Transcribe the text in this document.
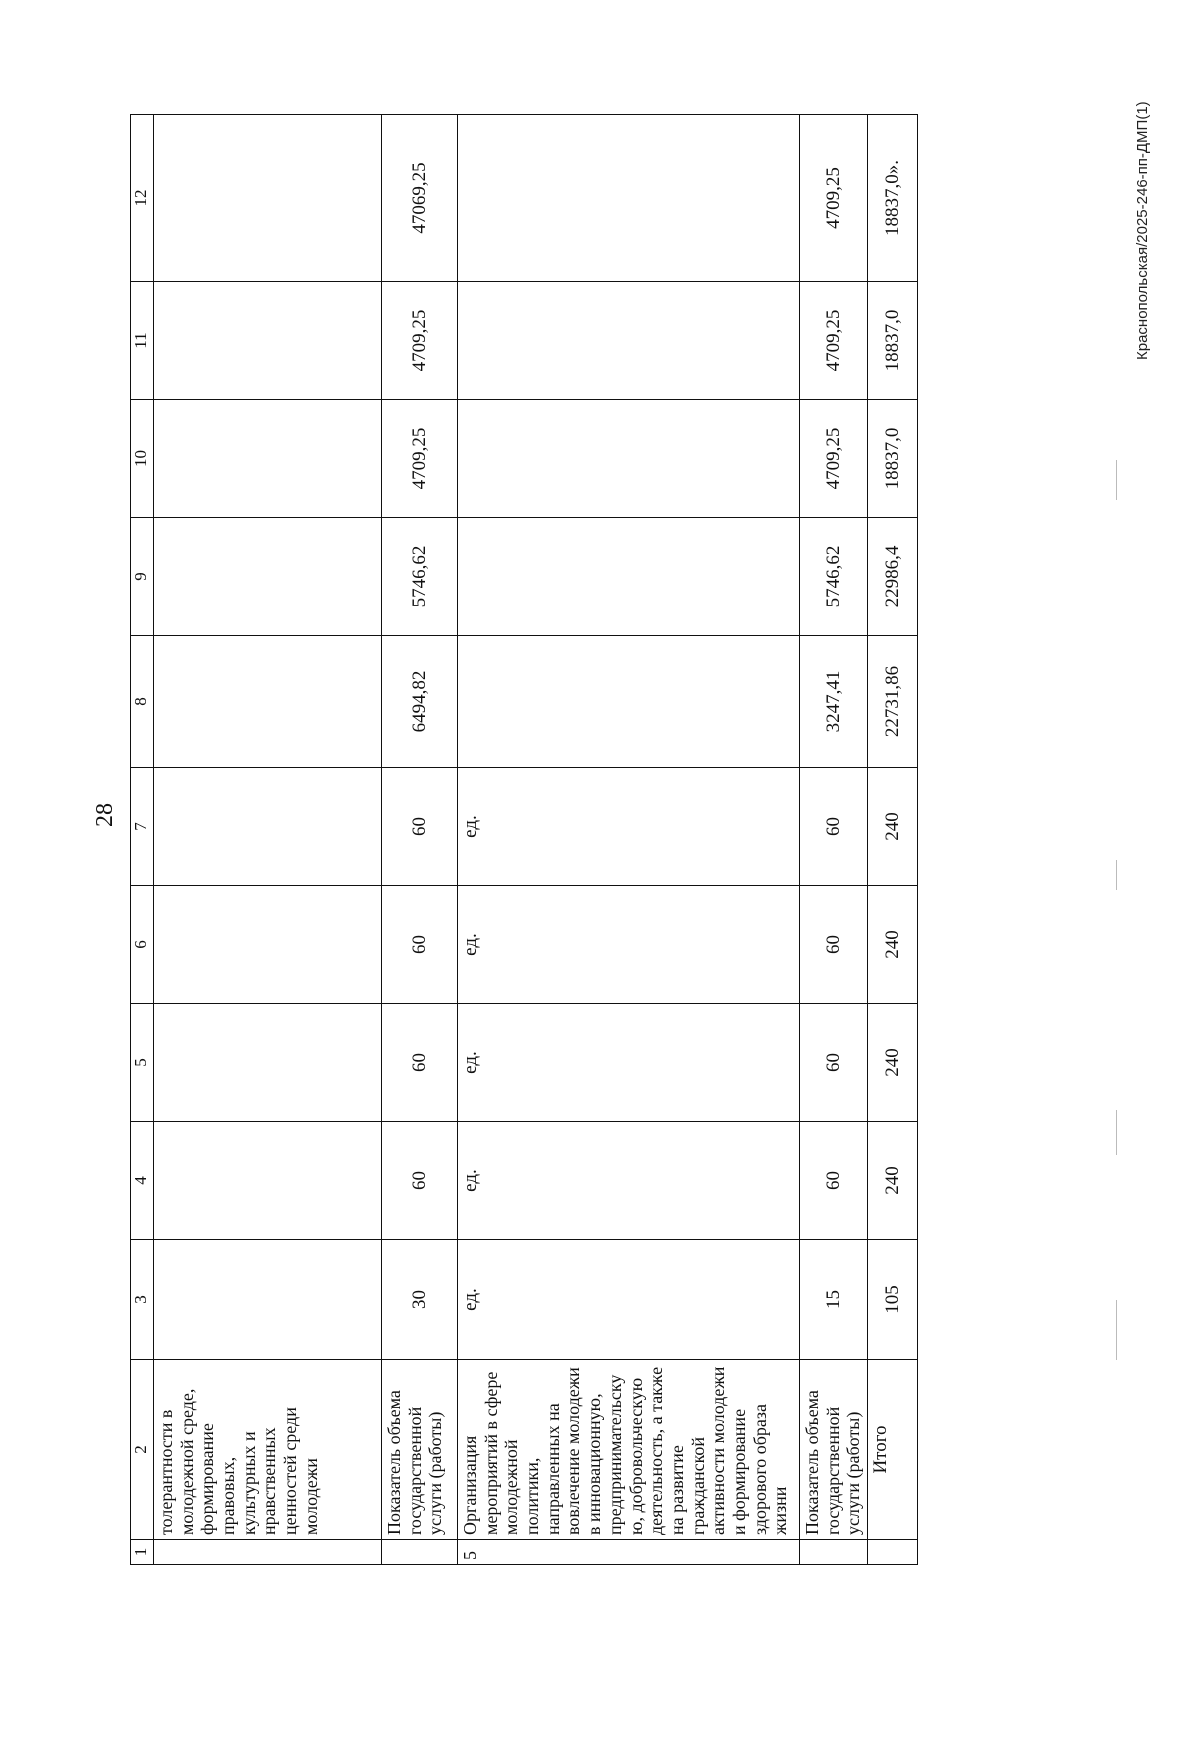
28
1	2	3	4	5	6	7	8	9	10	11	12
	толерантности в молодежной среде, формирование правовых, культурных и нравственных ценностей среди молодежи										
	Показатель объема государственной услуги (работы)	30	60	60	60	60	6494,82	5746,62	4709,25	4709,25	47069,25
5	Организация мероприятий в сфере молодежной политики, направленных на вовлечение молодежи в инновационную, предпринимательскую, добровольческую деятельность, а также на развитие гражданской активности молодежи и формирование здорового образа жизни	ед.	ед.	ед.	ед.	ед.					
	Показатель объема государственной услуги (работы)	15	60	60	60	60	3247,41	5746,62	4709,25	4709,25	4709,25
	Итого	105	240	240	240	240	22731,86	22986,4	18837,0	18837,0	18837,0».	Краснопольская/2025-246-пп-ДМП(1)
